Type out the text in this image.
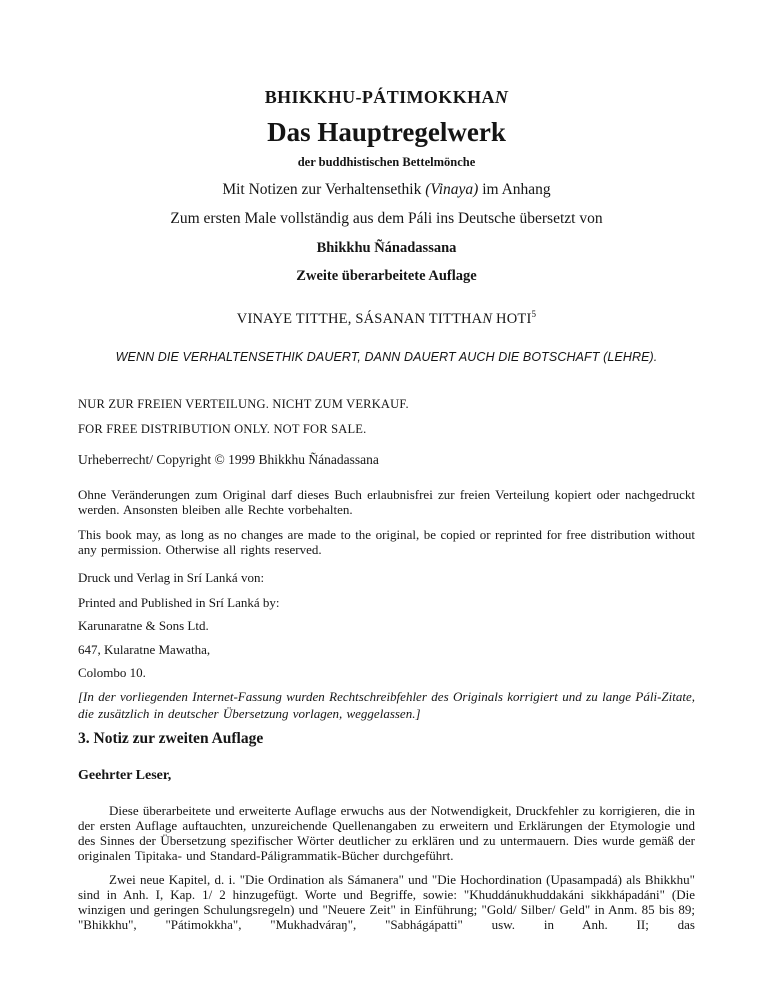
BHIKKHU-PÁTIMOKKHAN
Das Hauptregelwerk
der buddhistischen Bettelmönche
Mit Notizen zur Verhaltensethik (Vinaya) im Anhang
Zum ersten Male vollständig aus dem Páli ins Deutsche übersetzt von
Bhikkhu Ñánadassana
Zweite überarbeitete Auflage
VINAYE TITTHE, SÁSANAN TITTHAN HOTI$^5$
WENN DIE VERHALTENSETHIK DAUERT, DANN DAUERT AUCH DIE BOTSCHAFT (LEHRE).
NUR ZUR FREIEN VERTEILUNG. NICHT ZUM VERKAUF.
FOR FREE DISTRIBUTION ONLY. NOT FOR SALE.
Urheberrecht/ Copyright © 1999 Bhikkhu Ñánadassana
Ohne Veränderungen zum Original darf dieses Buch erlaubnisfrei zur freien Verteilung kopiert oder nachgedruckt werden. Ansonsten bleiben alle Rechte vorbehalten.
This book may, as long as no changes are made to the original, be copied or reprinted for free distribution without any permission. Otherwise all rights reserved.
Druck und Verlag in Srí Lanká von:
Printed and Published in Srí Lanká by:
Karunaratne & Sons Ltd.
647, Kularatne Mawatha,
Colombo 10.
[In der vorliegenden Internet-Fassung wurden Rechtschreibfehler des Originals korrigiert und zu lange Páli-Zitate, die zusätzlich in deutscher Übersetzung vorlagen, weggelassen.]
3. Notiz zur zweiten Auflage
Geehrter Leser,
Diese überarbeitete und erweiterte Auflage erwuchs aus der Notwendigkeit, Druckfehler zu korrigieren, die in der ersten Auflage auftauchten, unzureichende Quellenangaben zu erweitern und Erklärungen der Etymologie und des Sinnes der Übersetzung spezifischer Wörter deutlicher zu erklären und zu untermauern. Dies wurde gemäß der originalen Tipitaka- und Standard-Páligrammatik-Bücher durchgeführt.
Zwei neue Kapitel, d. i. "Die Ordination als Sámanera" und "Die Hochordination (Upasampadá) als Bhikkhu" sind in Anh. I, Kap. 1/ 2 hinzugefügt. Worte und Begriffe, sowie: "Khuddánukhuddakáni sikkhápadáni" (Die winzigen und geringen Schulungsregeln) und "Neuere Zeit" in Einführung; "Gold/ Silber/ Geld" in Anm. 85 bis 89; "Bhikkhu", "Pátimokkha", "Mukhadváraŋ", "Sabhágápatti" usw. in Anh. II; das
